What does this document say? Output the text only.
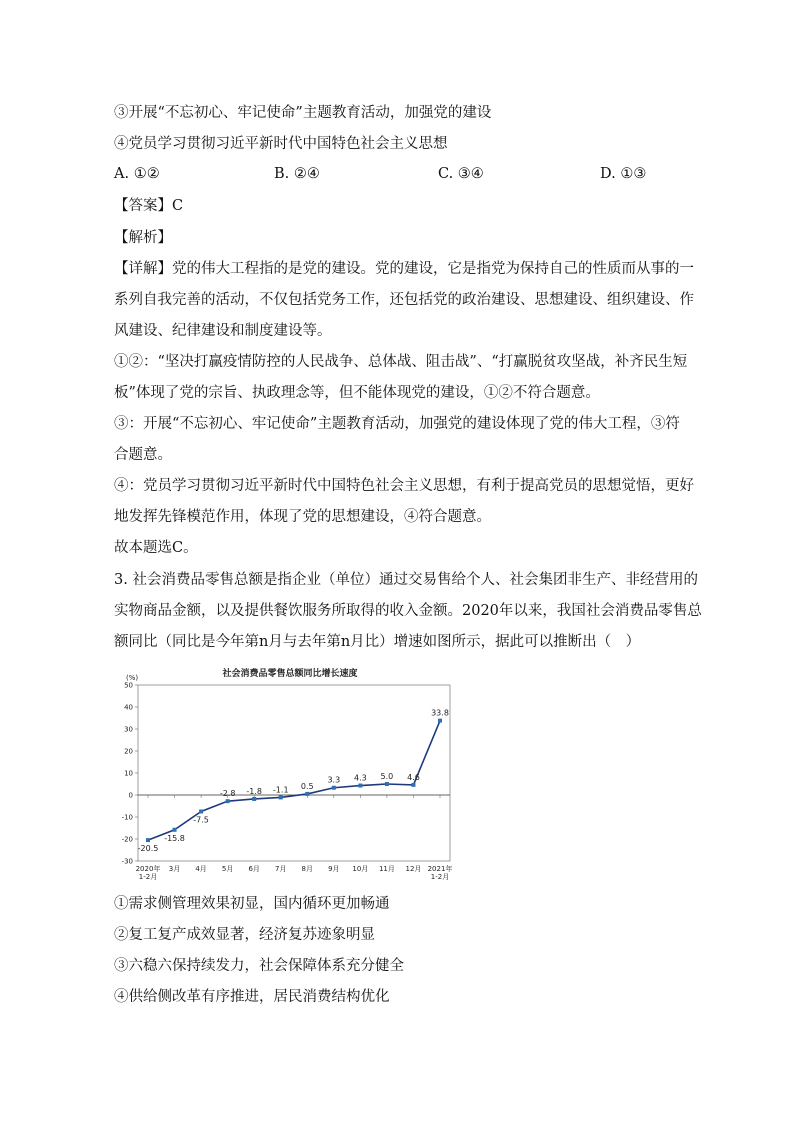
③开展“不忘初心、牢记使命”主题教育活动，加强党的建设
④党员学习贯彻习近平新时代中国特色社会主义思想
A. ①②	B. ②④	C. ③④	D. ①③
【答案】C
【解析】
【详解】党的伟大工程指的是党的建设。党的建设，它是指党为保持自己的性质而从事的一
系列自我完善的活动，不仅包括党务工作，还包括党的政治建设、思想建设、组织建设、作
风建设、纪律建设和制度建设等。
①②：“坚决打赢疫情防控的人民战争、总体战、阻击战”、“打赢脱贫攻坚战，补齐民生短
板”体现了党的宗旨、执政理念等，但不能体现党的建设，①②不符合题意。
③：开展“不忘初心、牢记使命”主题教育活动，加强党的建设体现了党的伟大工程，③符
合题意。
④：党员学习贯彻习近平新时代中国特色社会主义思想，有利于提高党员的思想觉悟，更好
地发挥先锋模范作用，体现了党的思想建设，④符合题意。
故本题选C。
3. 社会消费品零售总额是指企业（单位）通过交易售给个人、社会集团非生产、非经营用的
实物商品金额，以及提供餐饮服务所取得的收入金额。2020年以来，我国社会消费品零售总
额同比（同比是今年第n月与去年第n月比）增速如图所示，据此可以推断出（　）
社会消费品零售总额同比增长速度
(%)
50
40
30
20
10
0
-10
-20
-30
2020年
1-2月
3月 4月 5月 6月 7月 8月 9月 10月 11月 12月 2021年
1-2月
-20.5
-15.8
-7.5
-2.8 -1.8 -1.1 0.5
3.3 4.3 5.0 4.6
33.8
①需求侧管理效果初显，国内循环更加畅通
②复工复产成效显著，经济复苏迹象明显
③六稳六保持续发力，社会保障体系充分健全
④供给侧改革有序推进，居民消费结构优化
